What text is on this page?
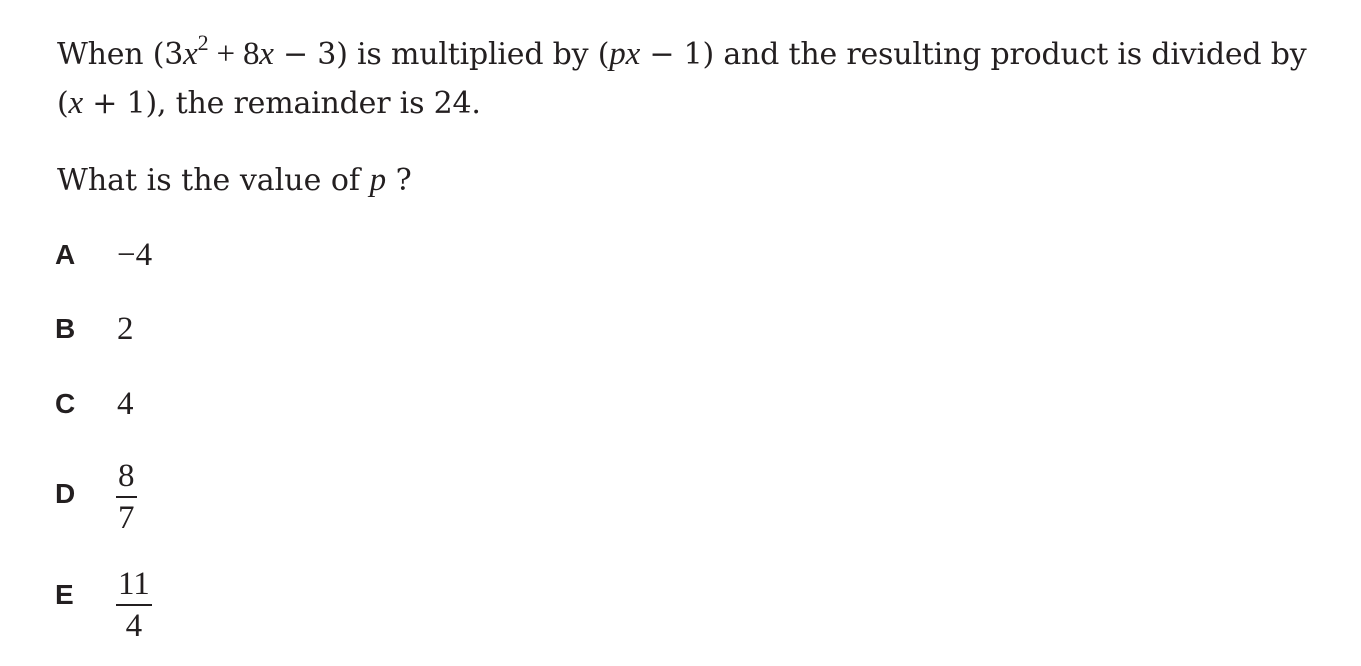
When $(3x^2 + 8x - 3)$ is multiplied by (px − 1) and the resulting product is divided by
(x + 1), the remainder is 24.
What is the value of p ?
A −4
B 2
C 4
D 8
7
E 11
4
